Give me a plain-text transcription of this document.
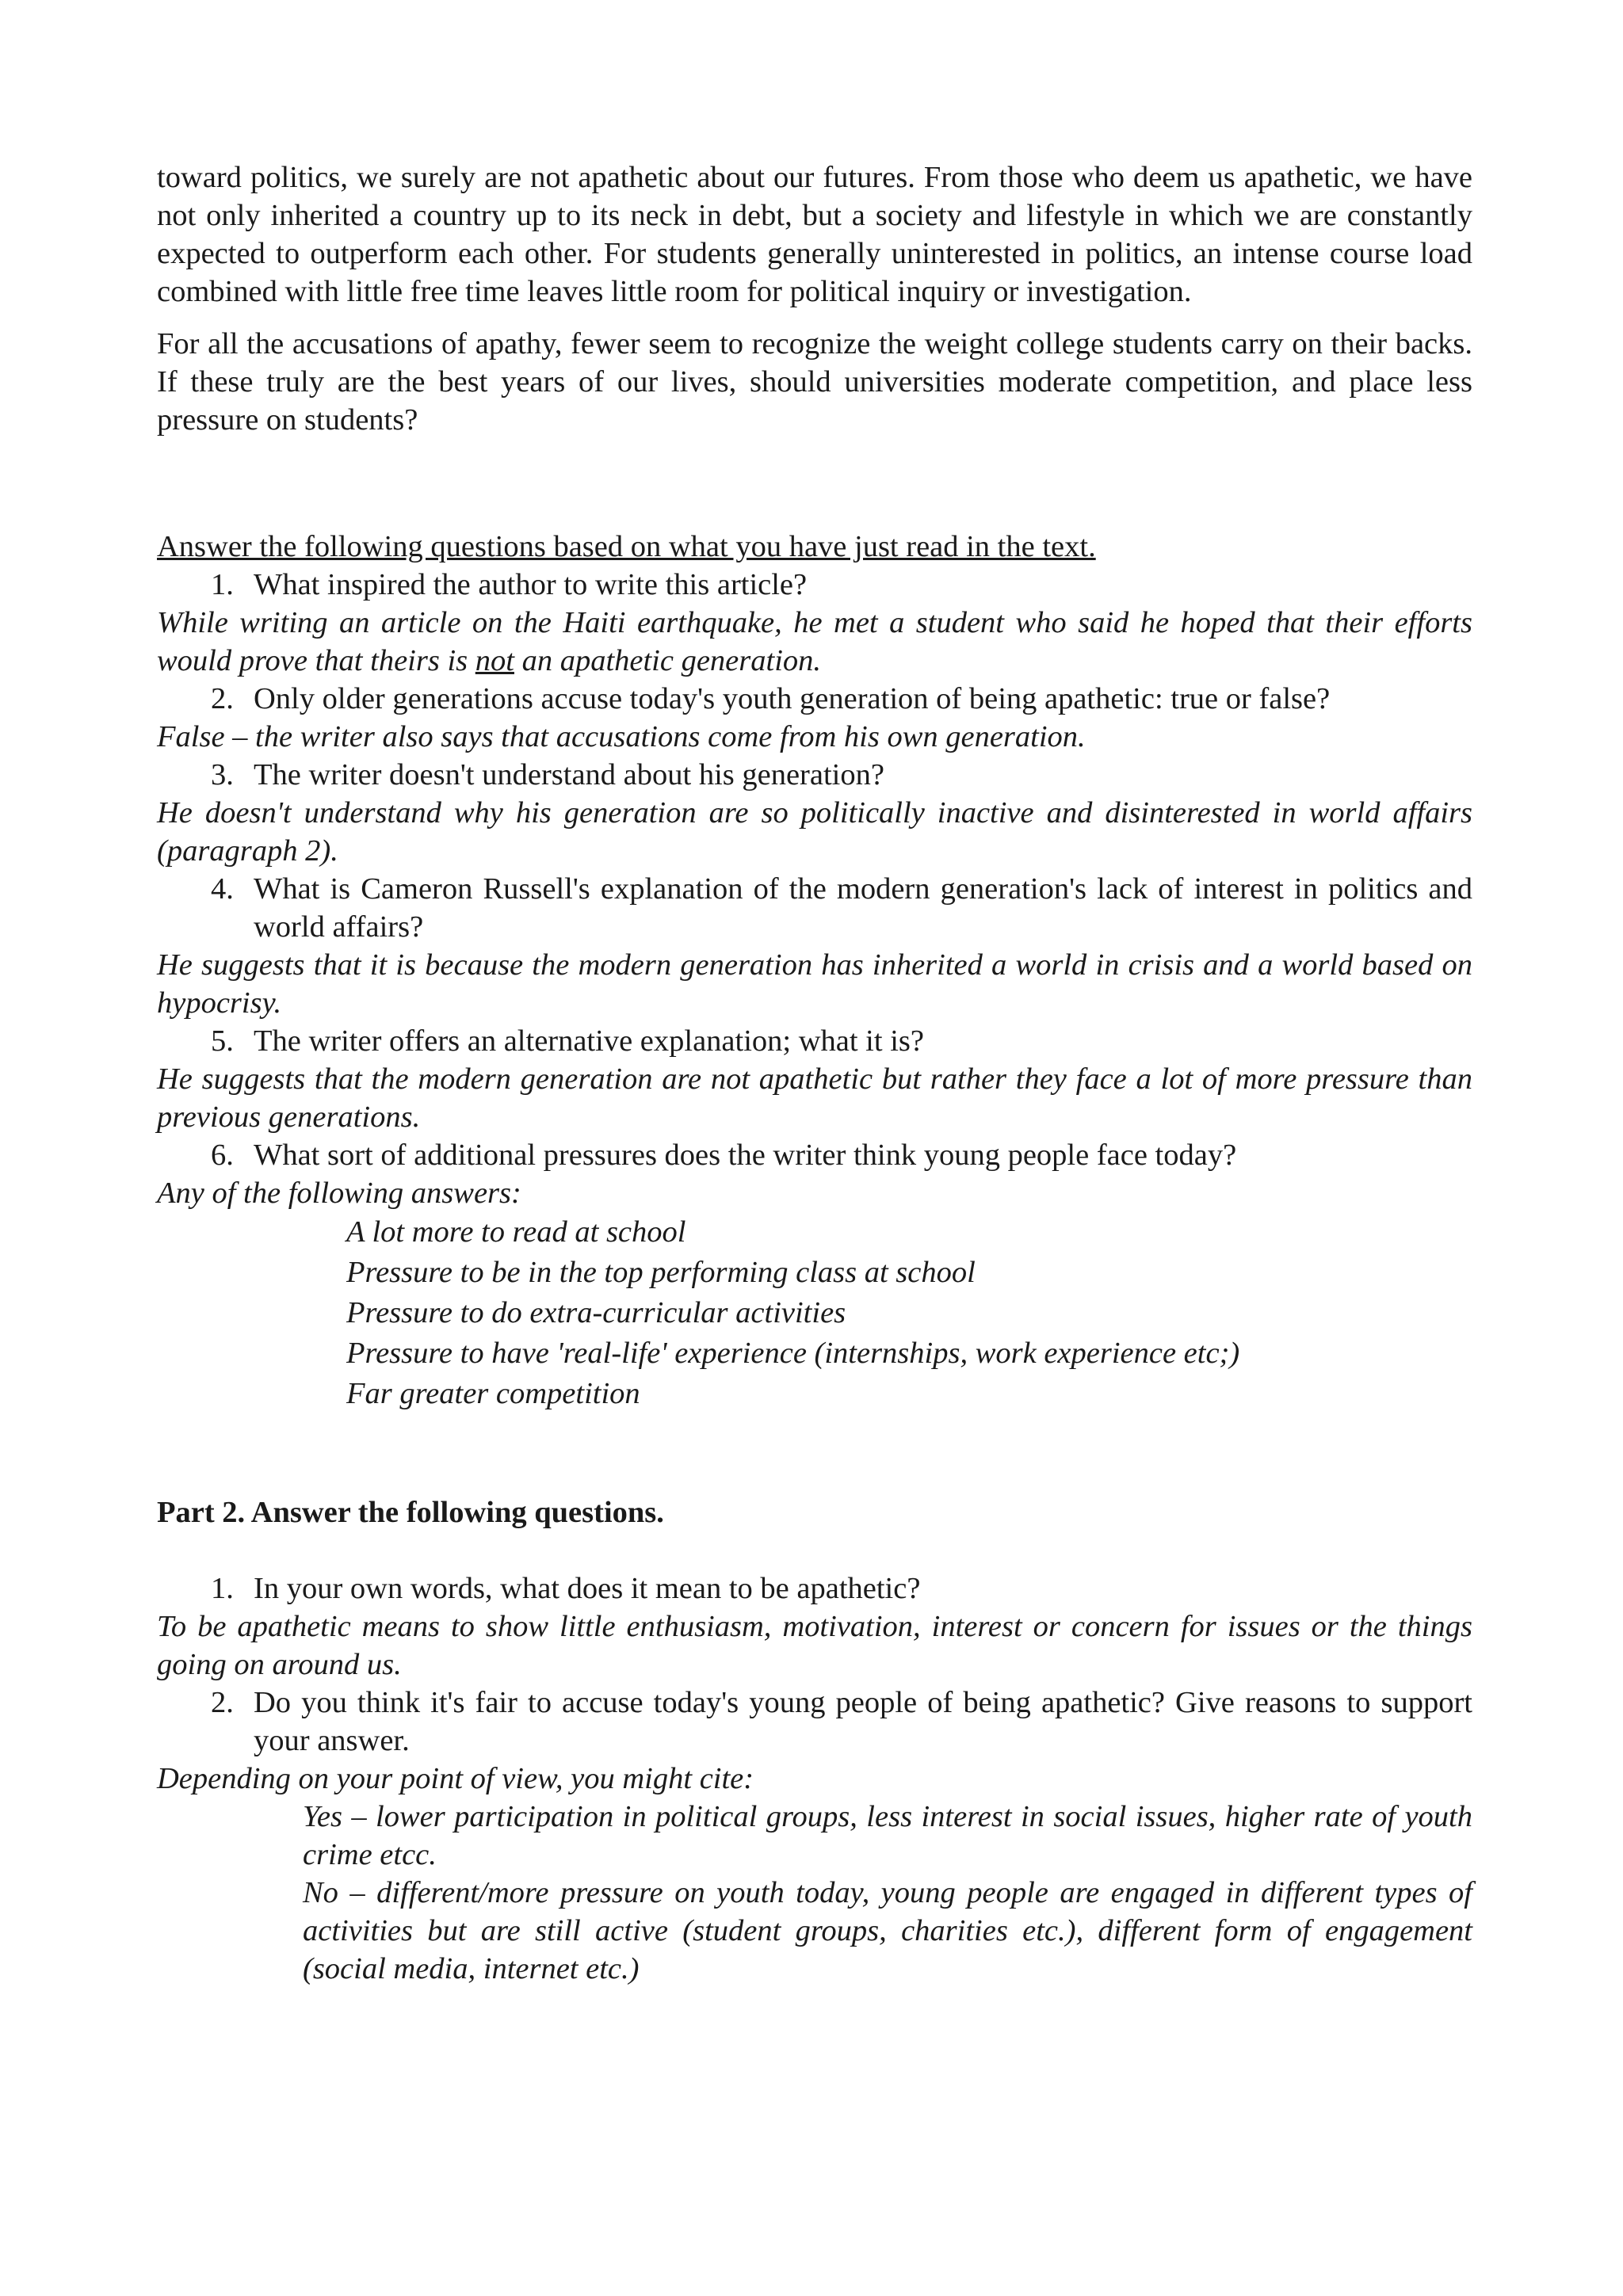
toward politics, we surely are not apathetic about our futures. From those who deem us apathetic, we have not only inherited a country up to its neck in debt, but a society and lifestyle in which we are constantly expected to outperform each other. For students generally uninterested in politics, an intense course load combined with little free time leaves little room for political inquiry or investigation.

For all the accusations of apathy, fewer seem to recognize the weight college students carry on their backs. If these truly are the best years of our lives, should universities moderate competition, and place less pressure on students?

Answer the following questions based on what you have just read in the text.

1. What inspired the author to write this article?

While writing an article on the Haiti earthquake, he met a student who said he hoped that their efforts would prove that theirs is not an apathetic generation.

2. Only older generations accuse today's youth generation of being apathetic: true or false?

False – the writer also says that accusations come from his own generation.

3. The writer doesn't understand about his generation?

He doesn't understand why his generation are so politically inactive and disinterested in world affairs (paragraph 2).

4. What is Cameron Russell's explanation of the modern generation's lack of interest in politics and world affairs?

He suggests that it is because the modern generation has inherited a world in crisis and a world based on hypocrisy.

5. The writer offers an alternative explanation; what it is?

He suggests that the modern generation are not apathetic but rather they face a lot of more pressure than previous generations.

6. What sort of additional pressures does the writer think young people face today?

Any of the following answers:

A lot more to read at school
Pressure to be in the top performing class at school
Pressure to do extra-curricular activities
Pressure to have 'real-life' experience (internships, work experience etc;)
Far greater competition

Part 2. Answer the following questions.

1. In your own words, what does it mean to be apathetic?

To be apathetic means to show little enthusiasm, motivation, interest or concern for issues or the things going on around us.

2. Do you think it's fair to accuse today's young people of being apathetic? Give reasons to support your answer.

Depending on your point of view, you might cite:

Yes – lower participation in political groups, less interest in social issues, higher rate of youth crime etcc.
No – different/more pressure on youth today, young people are engaged in different types of activities but are still active (student groups, charities etc.), different form of engagement (social media, internet etc.)
